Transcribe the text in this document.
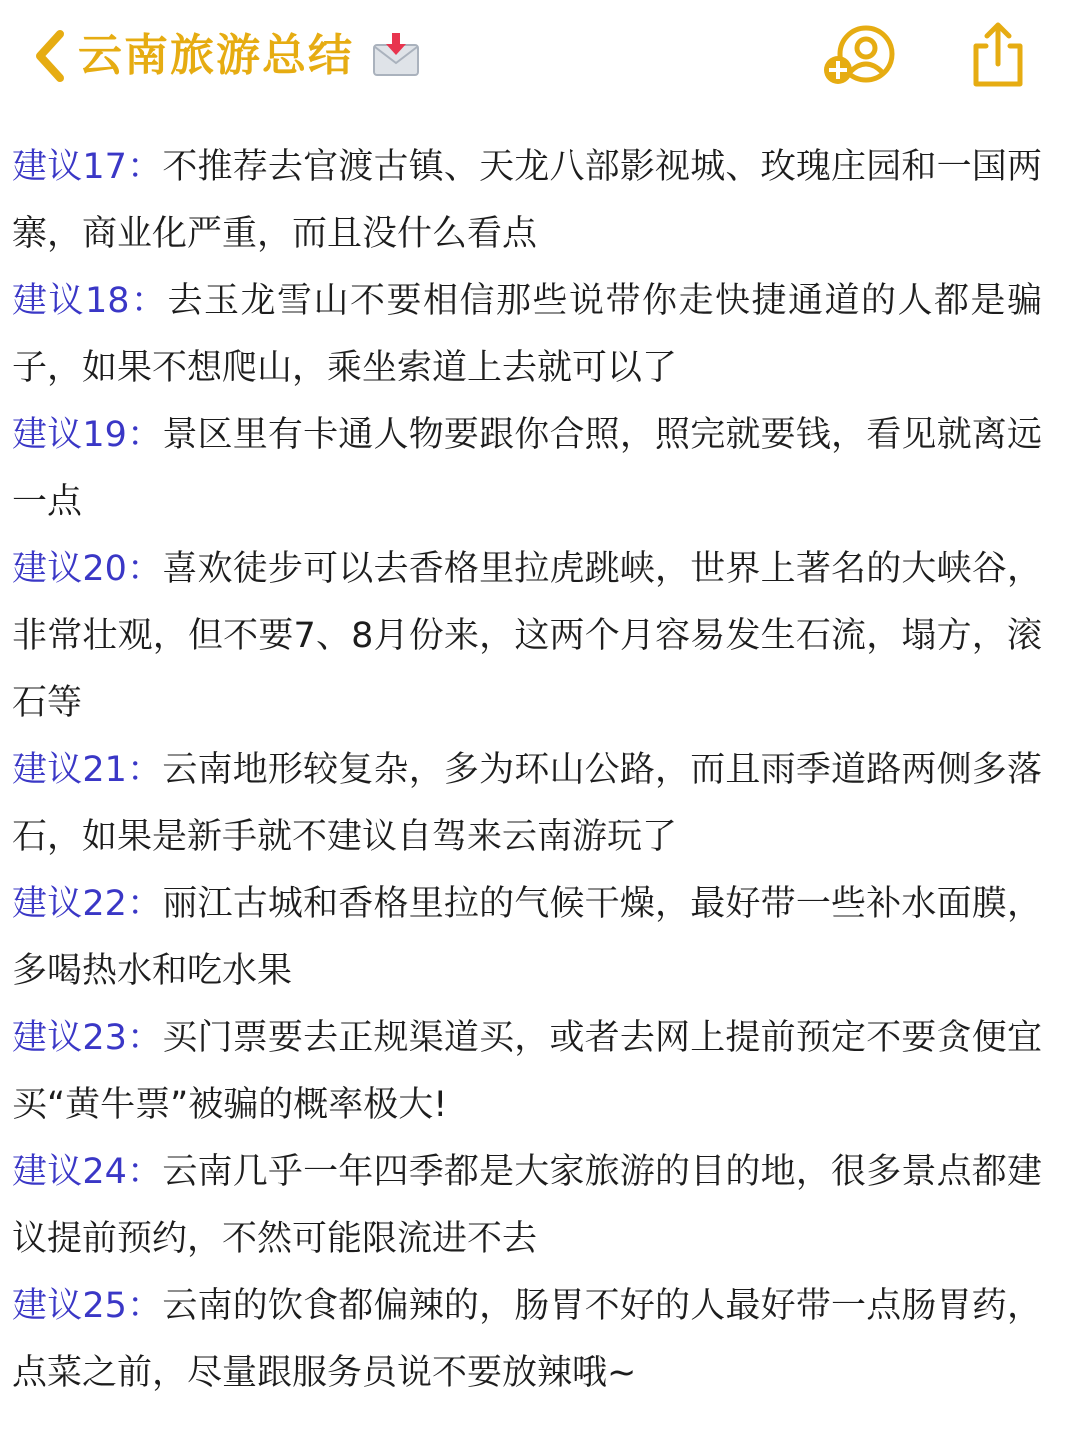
云南旅游总结

建议17：不推荐去官渡古镇、天龙八部影视城、玫瑰庄园和一国两寨，商业化严重，而且没什么看点

建议18：去玉龙雪山不要相信那些说带你走快捷通道的人都是骗子，如果不想爬山，乘坐索道上去就可以了

建议19：景区里有卡通人物要跟你合照，照完就要钱，看见就离远一点

建议20：喜欢徒步可以去香格里拉虎跳峡，世界上著名的大峡谷，非常壮观，但不要7、8月份来，这两个月容易发生石流，塌方，滚石等

建议21：云南地形较复杂，多为环山公路，而且雨季道路两侧多落石，如果是新手就不建议自驾来云南游玩了

建议22：丽江古城和香格里拉的气候干燥，最好带一些补水面膜，多喝热水和吃水果

建议23：买门票要去正规渠道买，或者去网上提前预定不要贪便宜买“黄牛票”被骗的概率极大!

建议24：云南几乎一年四季都是大家旅游的目的地，很多景点都建议提前预约，不然可能限流进不去

建议25：云南的饮食都偏辣的，肠胃不好的人最好带一点肠胃药，点菜之前，尽量跟服务员说不要放辣哦~
